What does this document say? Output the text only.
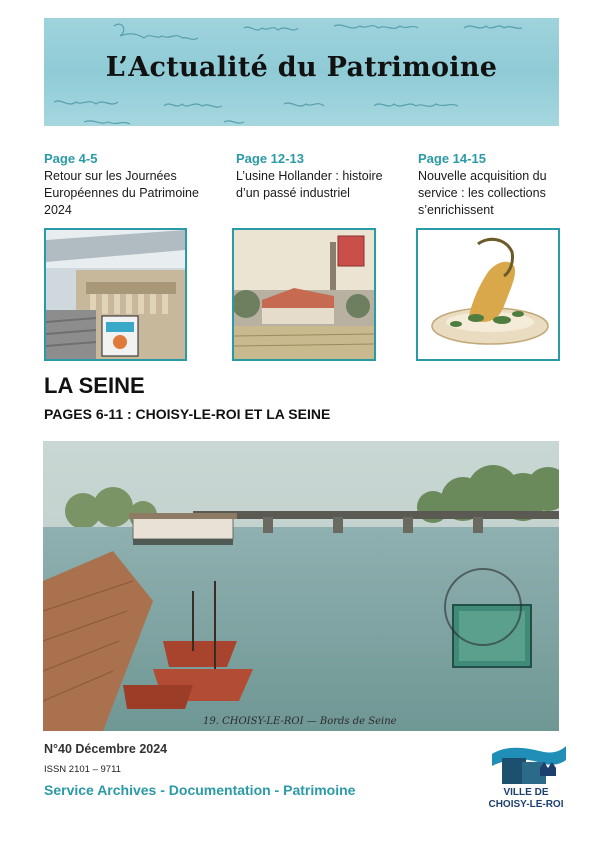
L’Actualité du Patrimoine
Page 4-5
Retour sur les Journées Européennes du Patrimoine 2024
Page 12-13
L’usine Hollander : histoire d’un passé industriel
Page 14-15
Nouvelle acquisition du service : les collections s’enrichissent
LA SEINE
PAGES 6-11 : CHOISY-LE-ROI ET LA SEINE
19. CHOISY-LE-ROI — Bords de Seine
N°40 Décembre 2024
ISSN 2101 – 9711
Service Archives - Documentation - Patrimoine	VILLE DE
CHOISY-LE-ROI
